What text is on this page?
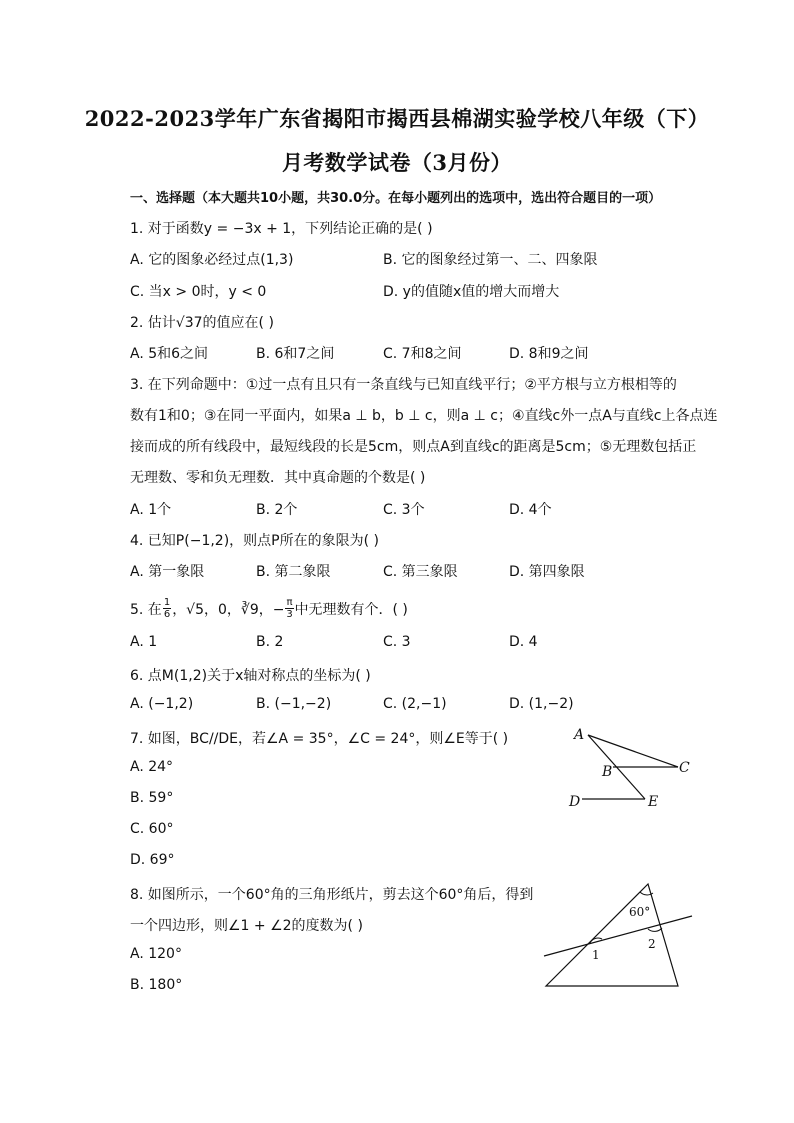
2022-2023学年广东省揭阳市揭西县棉湖实验学校八年级（下）
月考数学试卷（3月份）
一、选择题（本大题共10小题，共30.0分。在每小题列出的选项中，选出符合题目的一项）
1. 对于函数y = −3x + 1，下列结论正确的是( )
A. 它的图象必经过点(1,3)	B. 它的图象经过第一、二、四象限
C. 当x > 0时，y < 0	D. y的值随x值的增大而增大
2. 估计√37的值应在( )
A. 5和6之间	B. 6和7之间	C. 7和8之间	D. 8和9之间
3. 在下列命题中：①过一点有且只有一条直线与已知直线平行；②平方根与立方根相等的
数有1和0；③在同一平面内，如果a ⊥ b，b ⊥ c，则a ⊥ c；④直线c外一点A与直线c上各点连
接而成的所有线段中，最短线段的长是5cm，则点A到直线c的距离是5cm；⑤无理数包括正
无理数、零和负无理数．其中真命题的个数是( )
A. 1个	B. 2个	C. 3个	D. 4个
4. 已知P(−1,2)，则点P所在的象限为( )
A. 第一象限	B. 第二象限	C. 第三象限	D. 第四象限
5. 在 $\frac{1}{6}$ ，√5，0，∛9，− $\frac{\pi}{3}$ 中无理数有个．( )
A. 1	B. 2	C. 3	D. 4
6. 点M(1,2)关于x轴对称点的坐标为( )
A. (−1,2)	B. (−1,−2)	C. (2,−1)	D. (1,−2)
7. 如图，BC//DE，若∠A = 35°，∠C = 24°，则∠E等于( )
A. 24°
B. 59°
C. 60°
D. 69°
A
B	C
D	E
8. 如图所示，一个60°角的三角形纸片，剪去这个60°角后，得到
一个四边形，则∠1 + ∠2的度数为( )
A. 120°
B. 180°
60°
1
2
